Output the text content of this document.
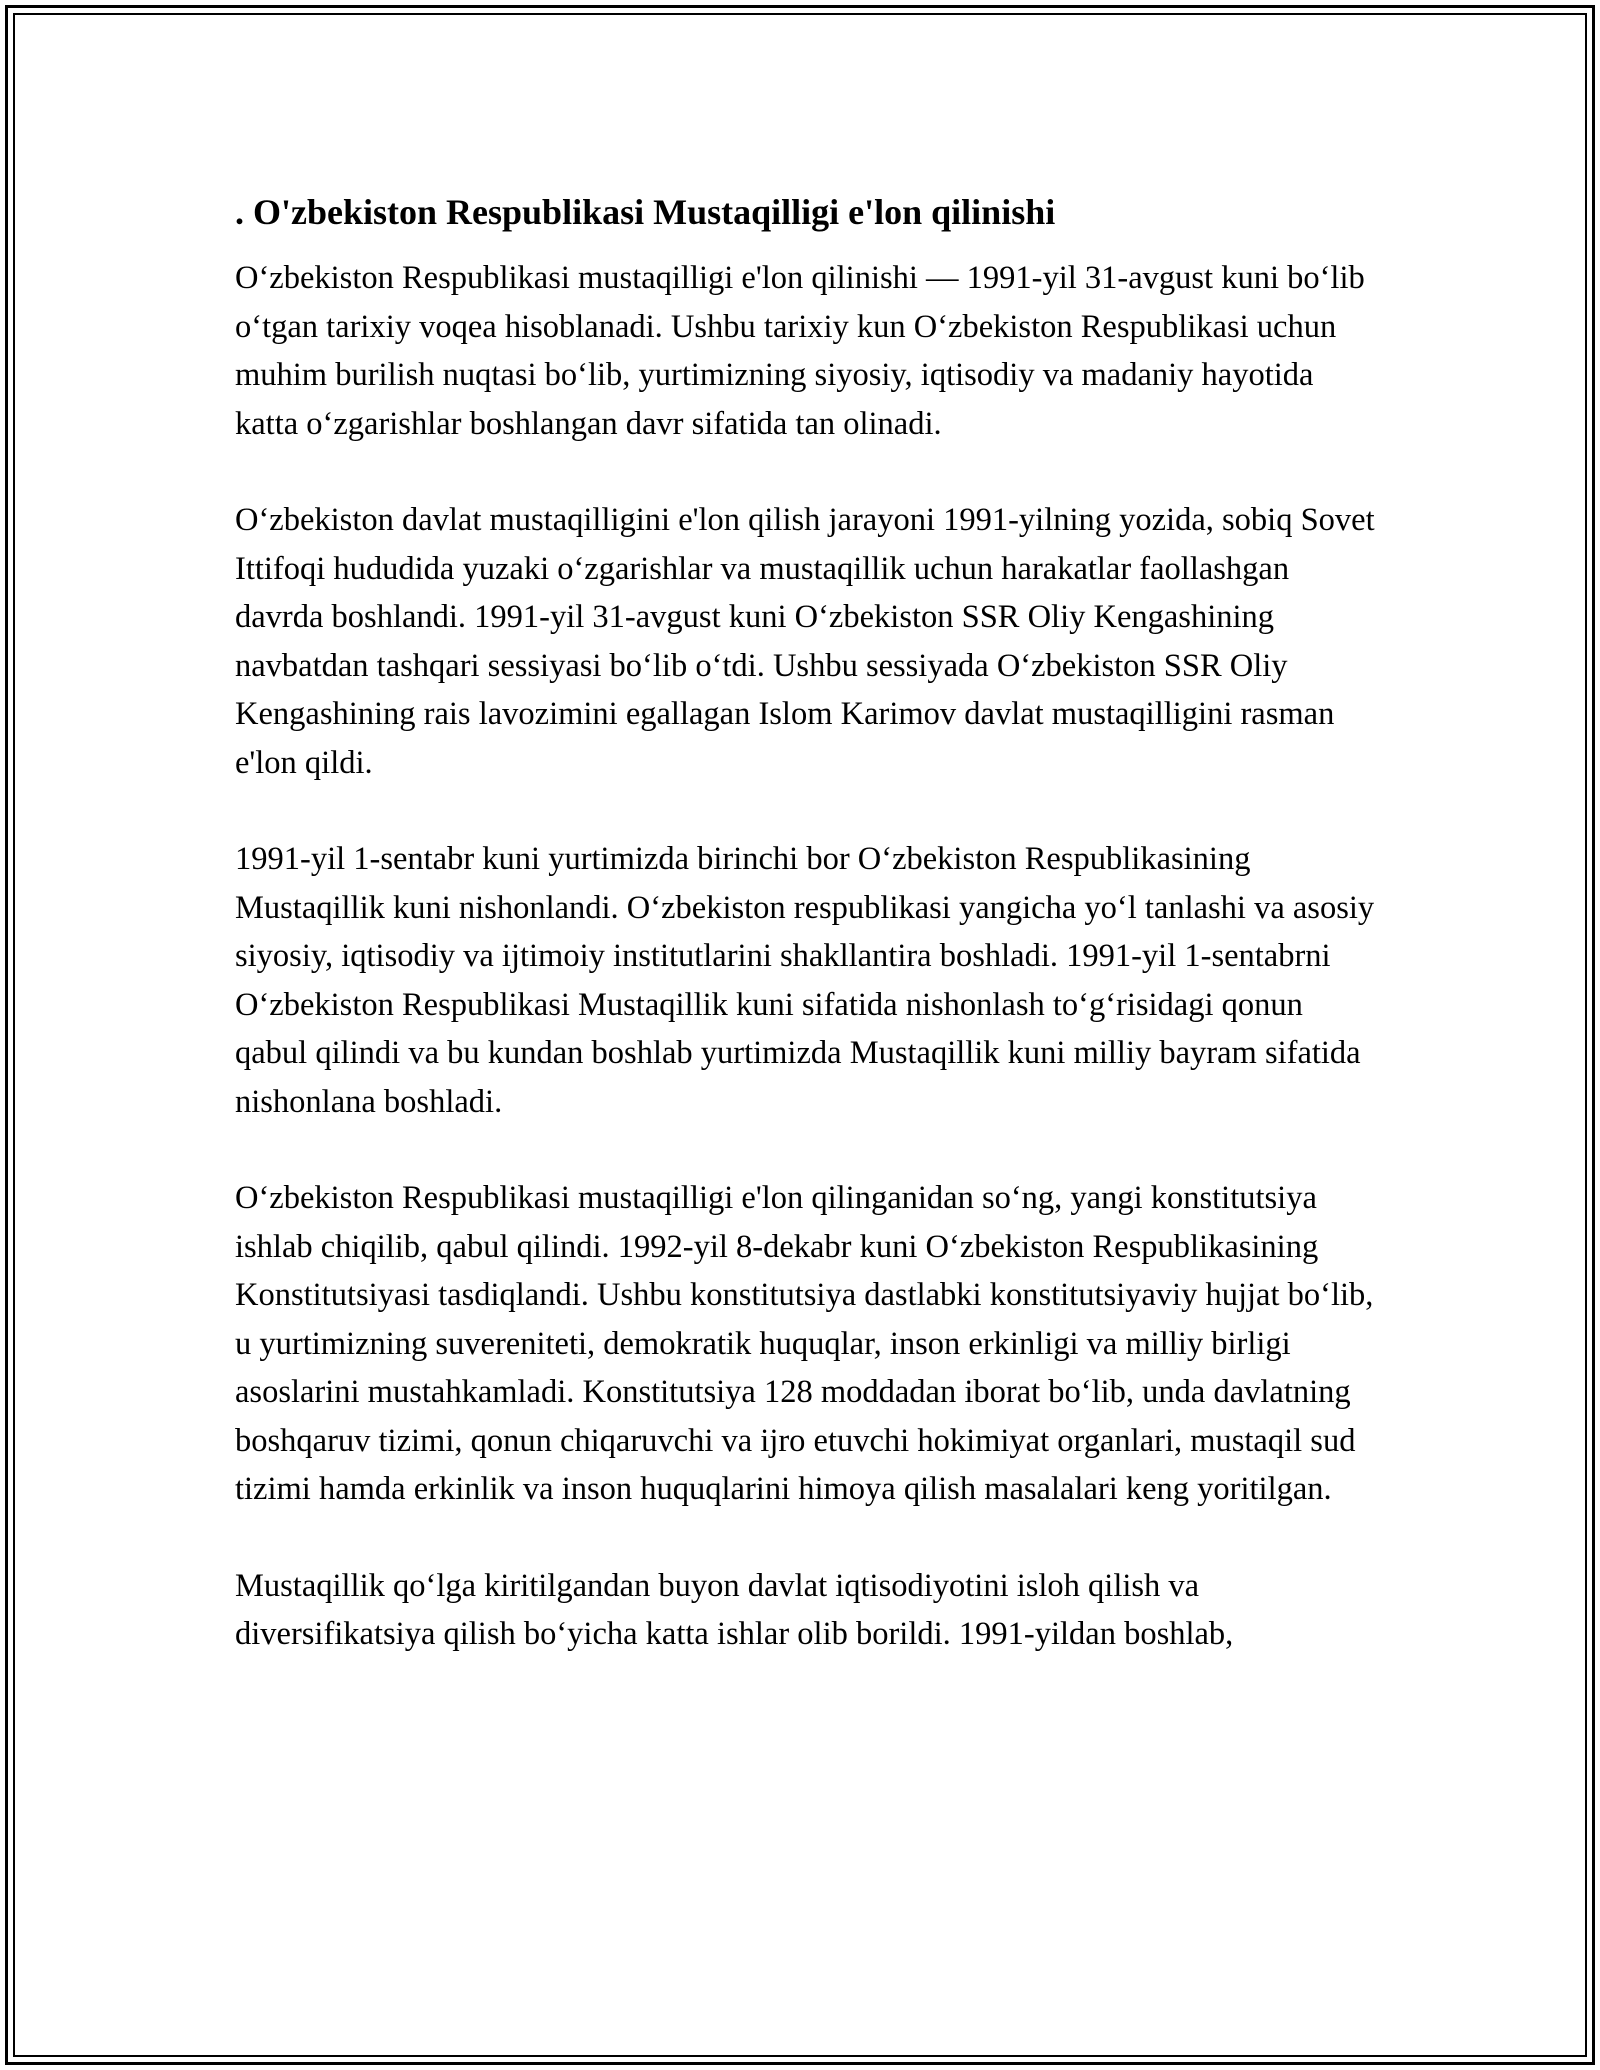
. O'zbekiston Respublikasi Mustaqilligi e'lon qilinishi

O‘zbekiston Respublikasi mustaqilligi e'lon qilinishi — 1991-yil 31-avgust kuni bo‘lib o‘tgan tarixiy voqea hisoblanadi. Ushbu tarixiy kun O‘zbekiston Respublikasi uchun muhim burilish nuqtasi bo‘lib, yurtimizning siyosiy, iqtisodiy va madaniy hayotida katta o‘zgarishlar boshlangan davr sifatida tan olinadi.

O‘zbekiston davlat mustaqilligini e'lon qilish jarayoni 1991-yilning yozida, sobiq Sovet Ittifoqi hududida yuzaki o‘zgarishlar va mustaqillik uchun harakatlar faollashgan davrda boshlandi. 1991-yil 31-avgust kuni O‘zbekiston SSR Oliy Kengashining navbatdan tashqari sessiyasi bo‘lib o‘tdi. Ushbu sessiyada O‘zbekiston SSR Oliy Kengashining rais lavozimini egallagan Islom Karimov davlat mustaqilligini rasman e'lon qildi.

1991-yil 1-sentabr kuni yurtimizda birinchi bor O‘zbekiston Respublikasining Mustaqillik kuni nishonlandi. O‘zbekiston respublikasi yangicha yo‘l tanlashi va asosiy siyosiy, iqtisodiy va ijtimoiy institutlarini shakllantira boshladi. 1991-yil 1-sentabrni O‘zbekiston Respublikasi Mustaqillik kuni sifatida nishonlash to‘g‘risidagi qonun qabul qilindi va bu kundan boshlab yurtimizda Mustaqillik kuni milliy bayram sifatida nishonlana boshladi.

O‘zbekiston Respublikasi mustaqilligi e'lon qilinganidan so‘ng, yangi konstitutsiya ishlab chiqilib, qabul qilindi. 1992-yil 8-dekabr kuni O‘zbekiston Respublikasining Konstitutsiyasi tasdiqlandi. Ushbu konstitutsiya dastlabki konstitutsiyaviy hujjat bo‘lib, u yurtimizning suvereniteti, demokratik huquqlar, inson erkinligi va milliy birligi asoslarini mustahkamladi. Konstitutsiya 128 moddadan iborat bo‘lib, unda davlatning boshqaruv tizimi, qonun chiqaruvchi va ijro etuvchi hokimiyat organlari, mustaqil sud tizimi hamda erkinlik va inson huquqlarini himoya qilish masalalari keng yoritilgan.

Mustaqillik qo‘lga kiritilgandan buyon davlat iqtisodiyotini isloh qilish va diversifikatsiya qilish bo‘yicha katta ishlar olib borildi. 1991-yildan boshlab,
